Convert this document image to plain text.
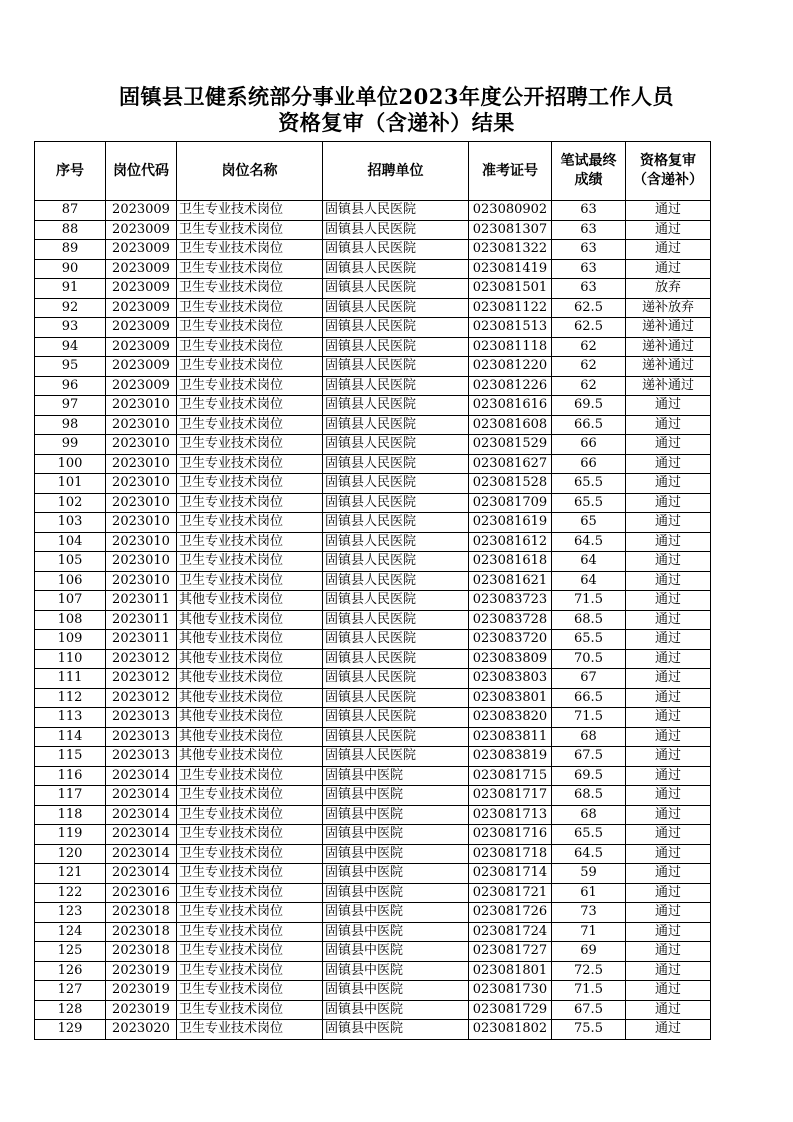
固镇县卫健系统部分事业单位2023年度公开招聘工作人员
资格复审（含递补）结果
序号	岗位代码	岗位名称	招聘单位	准考证号	笔试最终成绩	资格复审（含递补）
87	2023009	卫生专业技术岗位	固镇县人民医院	023080902	63	通过
88	2023009	卫生专业技术岗位	固镇县人民医院	023081307	63	通过
89	2023009	卫生专业技术岗位	固镇县人民医院	023081322	63	通过
90	2023009	卫生专业技术岗位	固镇县人民医院	023081419	63	通过
91	2023009	卫生专业技术岗位	固镇县人民医院	023081501	63	放弃
92	2023009	卫生专业技术岗位	固镇县人民医院	023081122	62.5	递补放弃
93	2023009	卫生专业技术岗位	固镇县人民医院	023081513	62.5	递补通过
94	2023009	卫生专业技术岗位	固镇县人民医院	023081118	62	递补通过
95	2023009	卫生专业技术岗位	固镇县人民医院	023081220	62	递补通过
96	2023009	卫生专业技术岗位	固镇县人民医院	023081226	62	递补通过
97	2023010	卫生专业技术岗位	固镇县人民医院	023081616	69.5	通过
98	2023010	卫生专业技术岗位	固镇县人民医院	023081608	66.5	通过
99	2023010	卫生专业技术岗位	固镇县人民医院	023081529	66	通过
100	2023010	卫生专业技术岗位	固镇县人民医院	023081627	66	通过
101	2023010	卫生专业技术岗位	固镇县人民医院	023081528	65.5	通过
102	2023010	卫生专业技术岗位	固镇县人民医院	023081709	65.5	通过
103	2023010	卫生专业技术岗位	固镇县人民医院	023081619	65	通过
104	2023010	卫生专业技术岗位	固镇县人民医院	023081612	64.5	通过
105	2023010	卫生专业技术岗位	固镇县人民医院	023081618	64	通过
106	2023010	卫生专业技术岗位	固镇县人民医院	023081621	64	通过
107	2023011	其他专业技术岗位	固镇县人民医院	023083723	71.5	通过
108	2023011	其他专业技术岗位	固镇县人民医院	023083728	68.5	通过
109	2023011	其他专业技术岗位	固镇县人民医院	023083720	65.5	通过
110	2023012	其他专业技术岗位	固镇县人民医院	023083809	70.5	通过
111	2023012	其他专业技术岗位	固镇县人民医院	023083803	67	通过
112	2023012	其他专业技术岗位	固镇县人民医院	023083801	66.5	通过
113	2023013	其他专业技术岗位	固镇县人民医院	023083820	71.5	通过
114	2023013	其他专业技术岗位	固镇县人民医院	023083811	68	通过
115	2023013	其他专业技术岗位	固镇县人民医院	023083819	67.5	通过
116	2023014	卫生专业技术岗位	固镇县中医院	023081715	69.5	通过
117	2023014	卫生专业技术岗位	固镇县中医院	023081717	68.5	通过
118	2023014	卫生专业技术岗位	固镇县中医院	023081713	68	通过
119	2023014	卫生专业技术岗位	固镇县中医院	023081716	65.5	通过
120	2023014	卫生专业技术岗位	固镇县中医院	023081718	64.5	通过
121	2023014	卫生专业技术岗位	固镇县中医院	023081714	59	通过
122	2023016	卫生专业技术岗位	固镇县中医院	023081721	61	通过
123	2023018	卫生专业技术岗位	固镇县中医院	023081726	73	通过
124	2023018	卫生专业技术岗位	固镇县中医院	023081724	71	通过
125	2023018	卫生专业技术岗位	固镇县中医院	023081727	69	通过
126	2023019	卫生专业技术岗位	固镇县中医院	023081801	72.5	通过
127	2023019	卫生专业技术岗位	固镇县中医院	023081730	71.5	通过
128	2023019	卫生专业技术岗位	固镇县中医院	023081729	67.5	通过
129	2023020	卫生专业技术岗位	固镇县中医院	023081802	75.5	通过
